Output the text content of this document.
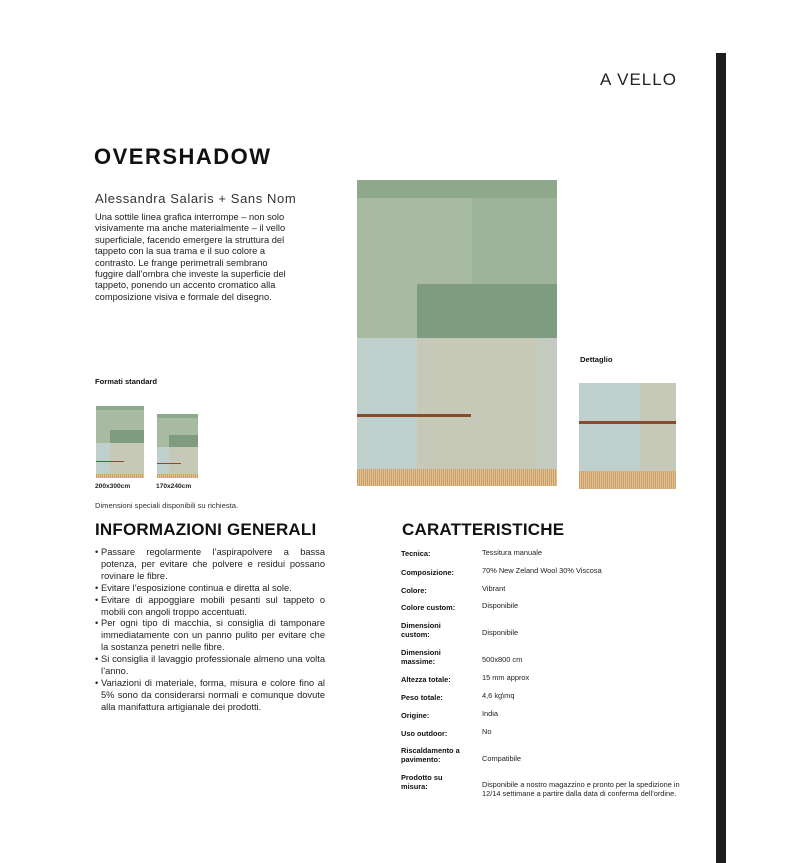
A VELLO
OVERSHADOW
Alessandra Salaris + Sans Nom
Una sottile linea grafica interrompe – non solo visivamente ma anche materialmente – il vello superficiale, facendo emergere la struttura del tappeto con la sua trama e il suo colore a contrasto. Le frange perimetrali sembrano fuggire dall’ombra che investe la superficie del tappeto, ponendo un accento cromatico alla composizione visiva e formale del disegno.
Dettaglio
Formati standard
200x300cm	170x240cm
Dimensioni speciali disponibili su richiesta.
INFORMAZIONI GENERALI
• Passare regolarmente l’aspirapolvere a bassa potenza, per evitare che polvere e residui possano rovinare le fibre.
• Evitare l’esposizione continua e diretta al sole.
• Evitare di appoggiare mobili pesanti sul tappeto o mobili con angoli troppo accentuati.
• Per ogni tipo di macchia, si consiglia di tamponare immediatamente con un panno pulito per evitare che la sostanza penetri nelle fibre.
• Si consiglia il lavaggio professionale almeno una volta l’anno.
• Variazioni di materiale, forma, misura e colore fino al 5% sono da considerarsi normali e comunque dovute alla manifattura artigianale dei prodotti.
CARATTERISTICHE
Tecnica:	Tessitura manuale
Composizione:	70% New Zeland Wool 30% Viscosa
Colore:	Vibrant
Colore custom:	Disponibile
Dimensioni custom:	Disponibile
Dimensioni massime:	500x800 cm
Altezza totale:	15 mm approx
Peso totale:	4,6 kg\mq
Origine:	India
Uso outdoor:	No
Riscaldamento a pavimento:	Compatibile
Prodotto su misura:	Disponibile a nostro magazzino e pronto per la spedizione in 12/14 settimane a partire dalla data di conferma dell’ordine.
